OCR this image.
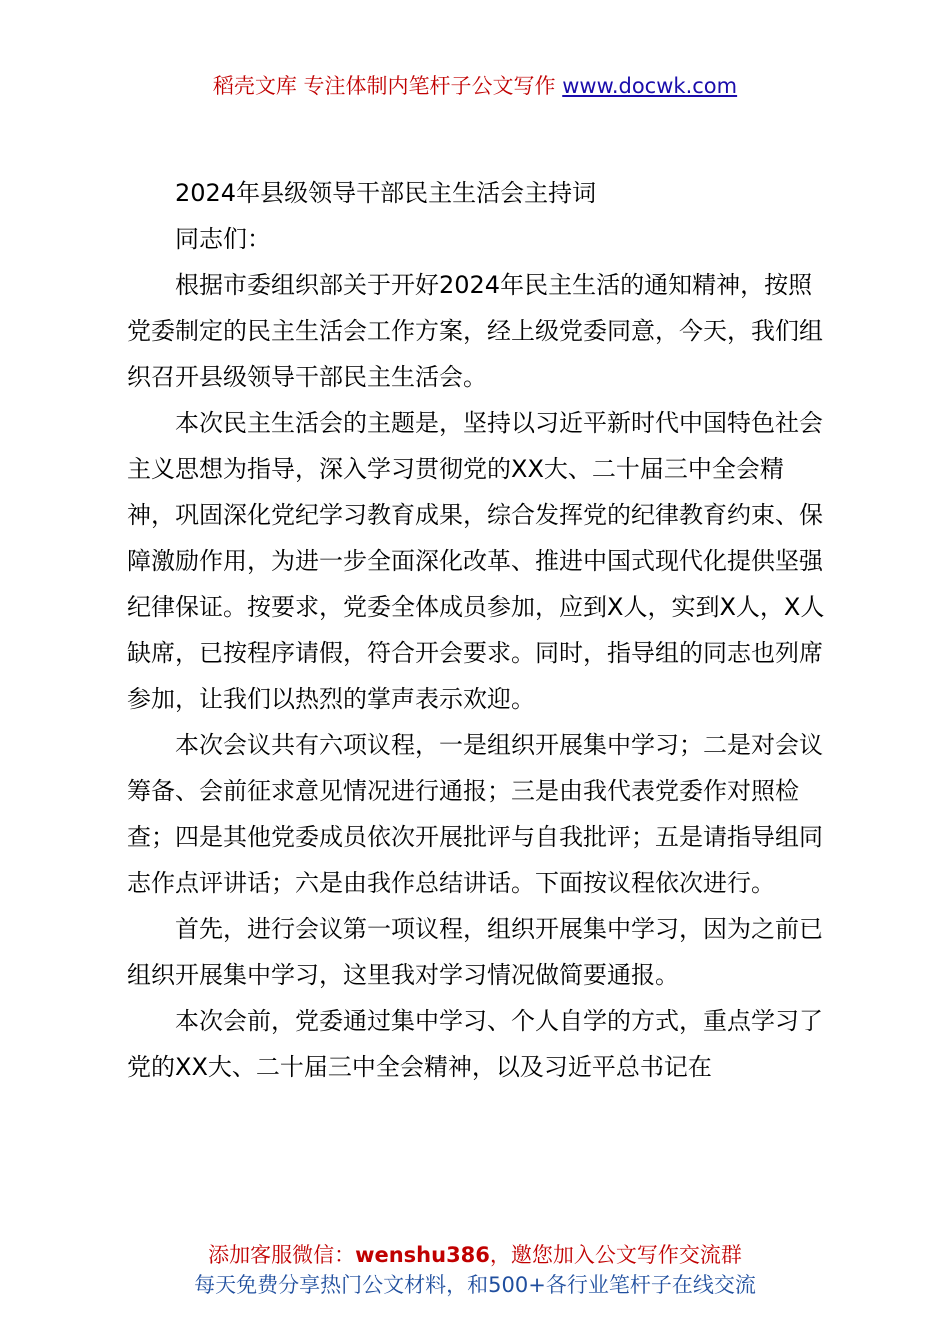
稻壳文库 专注体制内笔杆子公文写作 www.docwk.com

2024年县级领导干部民主生活会主持词

同志们：

根据市委组织部关于开好2024年民主生活的通知精神，按照党委制定的民主生活会工作方案，经上级党委同意，今天，我们组织召开县级领导干部民主生活会。

本次民主生活会的主题是，坚持以习近平新时代中国特色社会主义思想为指导，深入学习贯彻党的XX大、二十届三中全会精神，巩固深化党纪学习教育成果，综合发挥党的纪律教育约束、保障激励作用，为进一步全面深化改革、推进中国式现代化提供坚强纪律保证。按要求，党委全体成员参加，应到X人，实到X人，X人缺席，已按程序请假，符合开会要求。同时，指导组的同志也列席参加，让我们以热烈的掌声表示欢迎。

本次会议共有六项议程，一是组织开展集中学习；二是对会议筹备、会前征求意见情况进行通报；三是由我代表党委作对照检查；四是其他党委成员依次开展批评与自我批评；五是请指导组同志作点评讲话；六是由我作总结讲话。下面按议程依次进行。

首先，进行会议第一项议程，组织开展集中学习，因为之前已组织开展集中学习，这里我对学习情况做简要通报。

本次会前，党委通过集中学习、个人自学的方式，重点学习了党的XX大、二十届三中全会精神，以及习近平总书记在

添加客服微信：wenshu386，邀您加入公文写作交流群
每天免费分享热门公文材料，和500+各行业笔杆子在线交流
